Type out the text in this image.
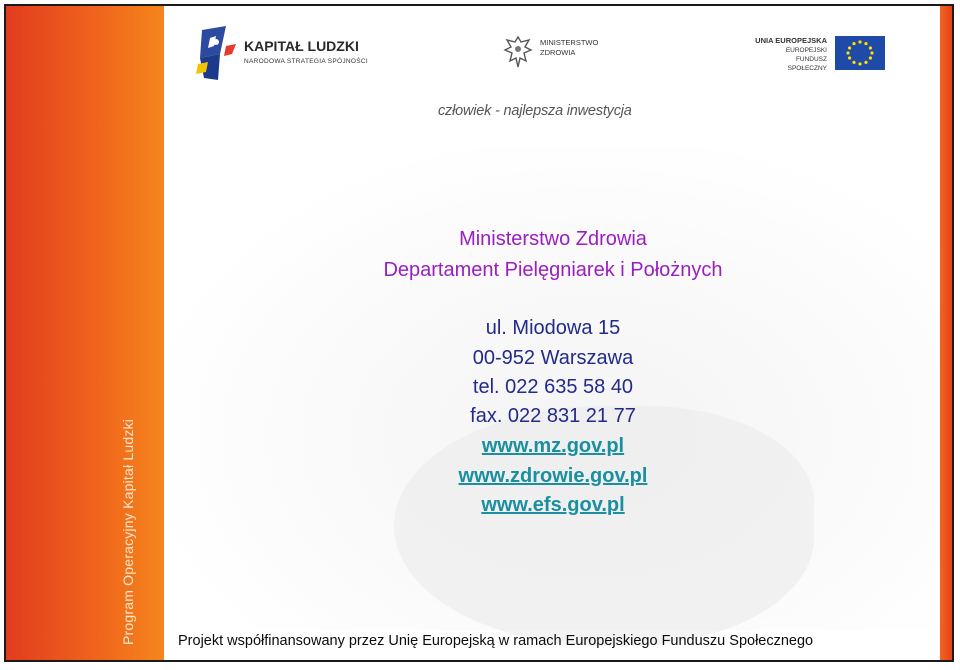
Program Operacyjny Kapitał Ludzki
KAPITAŁ LUDZKI
NARODOWA STRATEGIA SPÓJNOŚCI
MINISTERSTWO
ZDROWIA
UNIA EUROPEJSKA
EUROPEJSKI
FUNDUSZ SPOŁECZNY
człowiek - najlepsza inwestycja
Ministerstwo Zdrowia
Departament Pielęgniarek i Położnych
ul. Miodowa 15
00-952 Warszawa
tel. 022 635 58 40
fax. 022 831 21 77
www.mz.gov.pl
www.zdrowie.gov.pl
www.efs.gov.pl
Projekt współfinansowany przez Unię Europejską w ramach Europejskiego Funduszu Społecznego
